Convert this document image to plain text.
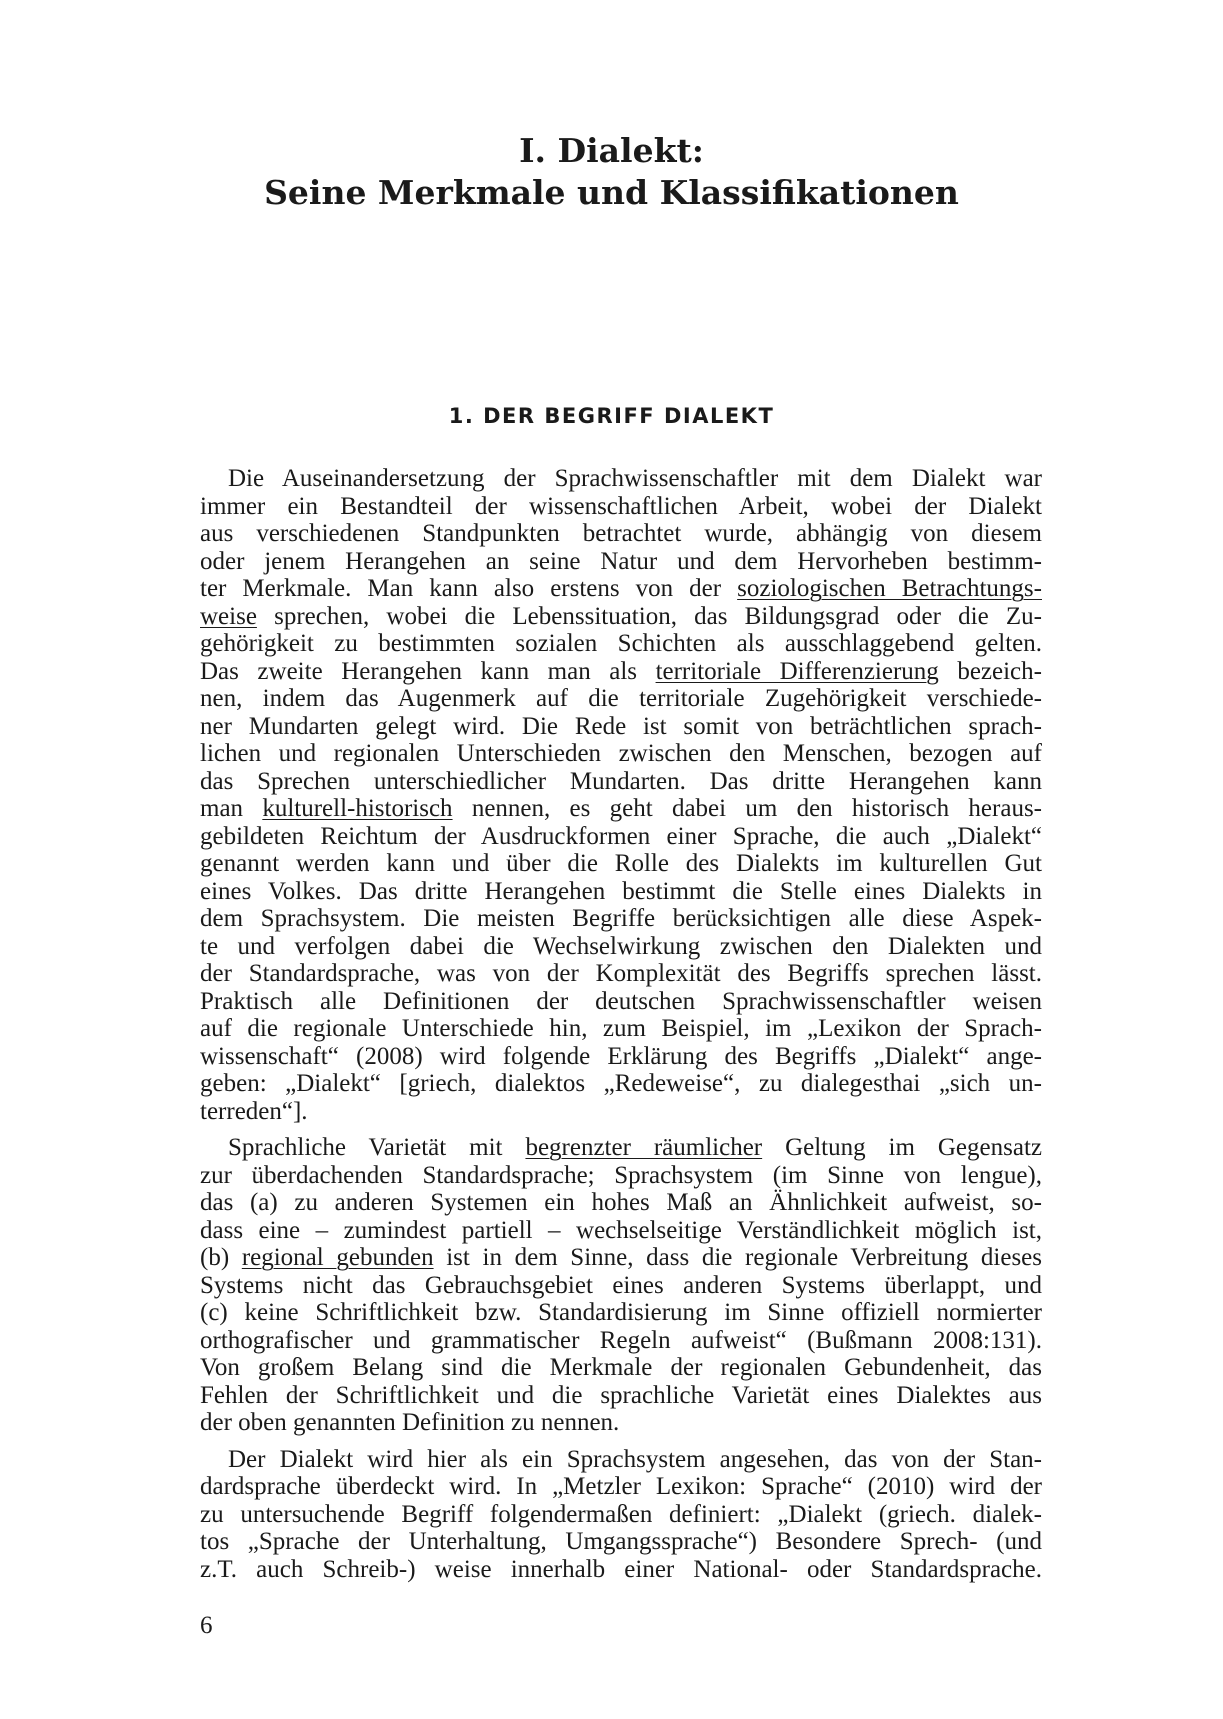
I. Dialekt:
Seine Merkmale und Klassifikationen
1. DER BEGRIFF DIALEKT

Die Auseinandersetzung der Sprachwissenschaftler mit dem Dialekt war
immer ein Bestandteil der wissenschaftlichen Arbeit, wobei der Dialekt
aus verschiedenen Standpunkten betrachtet wurde, abhängig von diesem
oder jenem Herangehen an seine Natur und dem Hervorheben bestimm-
ter Merkmale. Man kann also erstens von der soziologischen Betrachtungs-
weise sprechen, wobei die Lebenssituation, das Bildungsgrad oder die Zu-
gehörigkeit zu bestimmten sozialen Schichten als ausschlaggebend gelten.
Das zweite Herangehen kann man als territoriale Differenzierung bezeich-
nen, indem das Augenmerk auf die territoriale Zugehörigkeit verschiede-
ner Mundarten gelegt wird. Die Rede ist somit von beträchtlichen sprach-
lichen und regionalen Unterschieden zwischen den Menschen, bezogen auf
das Sprechen unterschiedlicher Mundarten. Das dritte Herangehen kann
man kulturell-historisch nennen, es geht dabei um den historisch heraus-
gebildeten Reichtum der Ausdruckformen einer Sprache, die auch „Dialekt“
genannt werden kann und über die Rolle des Dialekts im kulturellen Gut
eines Volkes. Das dritte Herangehen bestimmt die Stelle eines Dialekts in
dem Sprachsystem. Die meisten Begriffe berücksichtigen alle diese Aspek-
te und verfolgen dabei die Wechselwirkung zwischen den Dialekten und
der Standardsprache, was von der Komplexität des Begriffs sprechen lässt.
Praktisch alle Definitionen der deutschen Sprachwissenschaftler weisen
auf die regionale Unterschiede hin, zum Beispiel, im „Lexikon der Sprach-
wissenschaft“ (2008) wird folgende Erklärung des Begriffs „Dialekt“ ange-
geben: „Dialekt“ [griech, dialektos „Redeweise“, zu dialegesthai „sich un-
terreden“].

Sprachliche Varietät mit begrenzter räumlicher Geltung im Gegensatz
zur überdachenden Standardsprache; Sprachsystem (im Sinne von lengue),
das (a) zu anderen Systemen ein hohes Maß an Ähnlichkeit aufweist, so-
dass eine – zumindest partiell – wechselseitige Verständlichkeit möglich ist,
(b) regional gebunden ist in dem Sinne, dass die regionale Verbreitung dieses
Systems nicht das Gebrauchsgebiet eines anderen Systems überlappt, und
(c) keine Schriftlichkeit bzw. Standardisierung im Sinne offiziell normierter
orthografischer und grammatischer Regeln aufweist“ (Bußmann 2008:131).
Von großem Belang sind die Merkmale der regionalen Gebundenheit, das
Fehlen der Schriftlichkeit und die sprachliche Varietät eines Dialektes aus
der oben genannten Definition zu nennen.

Der Dialekt wird hier als ein Sprachsystem angesehen, das von der Stan-
dardsprache überdeckt wird. In „Metzler Lexikon: Sprache“ (2010) wird der
zu untersuchende Begriff folgendermaßen definiert: „Dialekt (griech. dialek-
tos „Sprache der Unterhaltung, Umgangssprache“) Besondere Sprech- (und
z.T. auch Schreib-) weise innerhalb einer National- oder Standardsprache.

6
